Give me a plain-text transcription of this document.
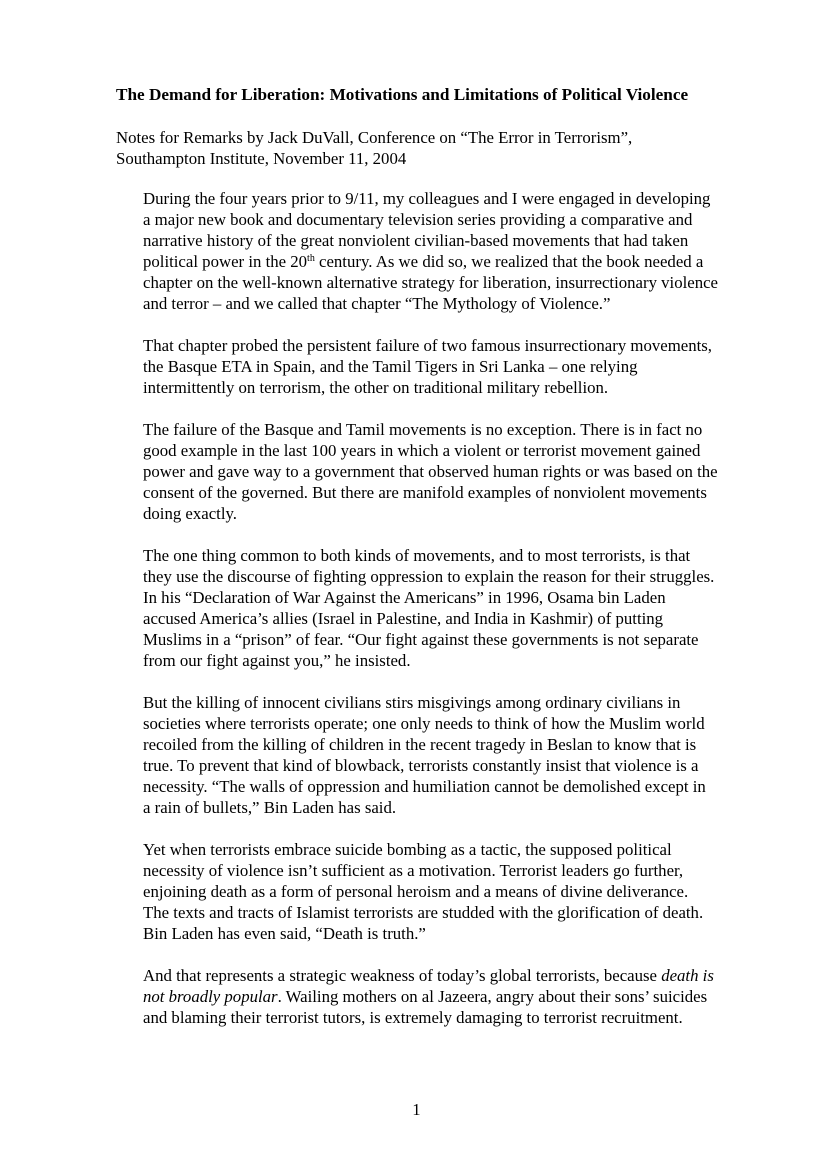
The Demand for Liberation: Motivations and Limitations of Political Violence
Notes for Remarks by Jack DuVall, Conference on “The Error in Terrorism”,
Southampton Institute, November 11, 2004

During the four years prior to 9/11, my colleagues and I were engaged in developing
a major new book and documentary television series providing a comparative and
narrative history of the great nonviolent civilian-based movements that had taken
political power in the 20th century. As we did so, we realized that the book needed a
chapter on the well-known alternative strategy for liberation, insurrectionary violence
and terror – and we called that chapter “The Mythology of Violence.”

That chapter probed the persistent failure of two famous insurrectionary movements,
the Basque ETA in Spain, and the Tamil Tigers in Sri Lanka – one relying
intermittently on terrorism, the other on traditional military rebellion.

The failure of the Basque and Tamil movements is no exception. There is in fact no
good example in the last 100 years in which a violent or terrorist movement gained
power and gave way to a government that observed human rights or was based on the
consent of the governed. But there are manifold examples of nonviolent movements
doing exactly.

The one thing common to both kinds of movements, and to most terrorists, is that
they use the discourse of fighting oppression to explain the reason for their struggles.
In his “Declaration of War Against the Americans” in 1996, Osama bin Laden
accused America’s allies (Israel in Palestine, and India in Kashmir) of putting
Muslims in a “prison” of fear. “Our fight against these governments is not separate
from our fight against you,” he insisted.

But the killing of innocent civilians stirs misgivings among ordinary civilians in
societies where terrorists operate; one only needs to think of how the Muslim world
recoiled from the killing of children in the recent tragedy in Beslan to know that is
true. To prevent that kind of blowback, terrorists constantly insist that violence is a
necessity. “The walls of oppression and humiliation cannot be demolished except in
a rain of bullets,” Bin Laden has said.

Yet when terrorists embrace suicide bombing as a tactic, the supposed political
necessity of violence isn’t sufficient as a motivation. Terrorist leaders go further,
enjoining death as a form of personal heroism and a means of divine deliverance.
The texts and tracts of Islamist terrorists are studded with the glorification of death.
Bin Laden has even said, “Death is truth.”

And that represents a strategic weakness of today’s global terrorists, because death is
not broadly popular. Wailing mothers on al Jazeera, angry about their sons’ suicides
and blaming their terrorist tutors, is extremely damaging to terrorist recruitment.

1
